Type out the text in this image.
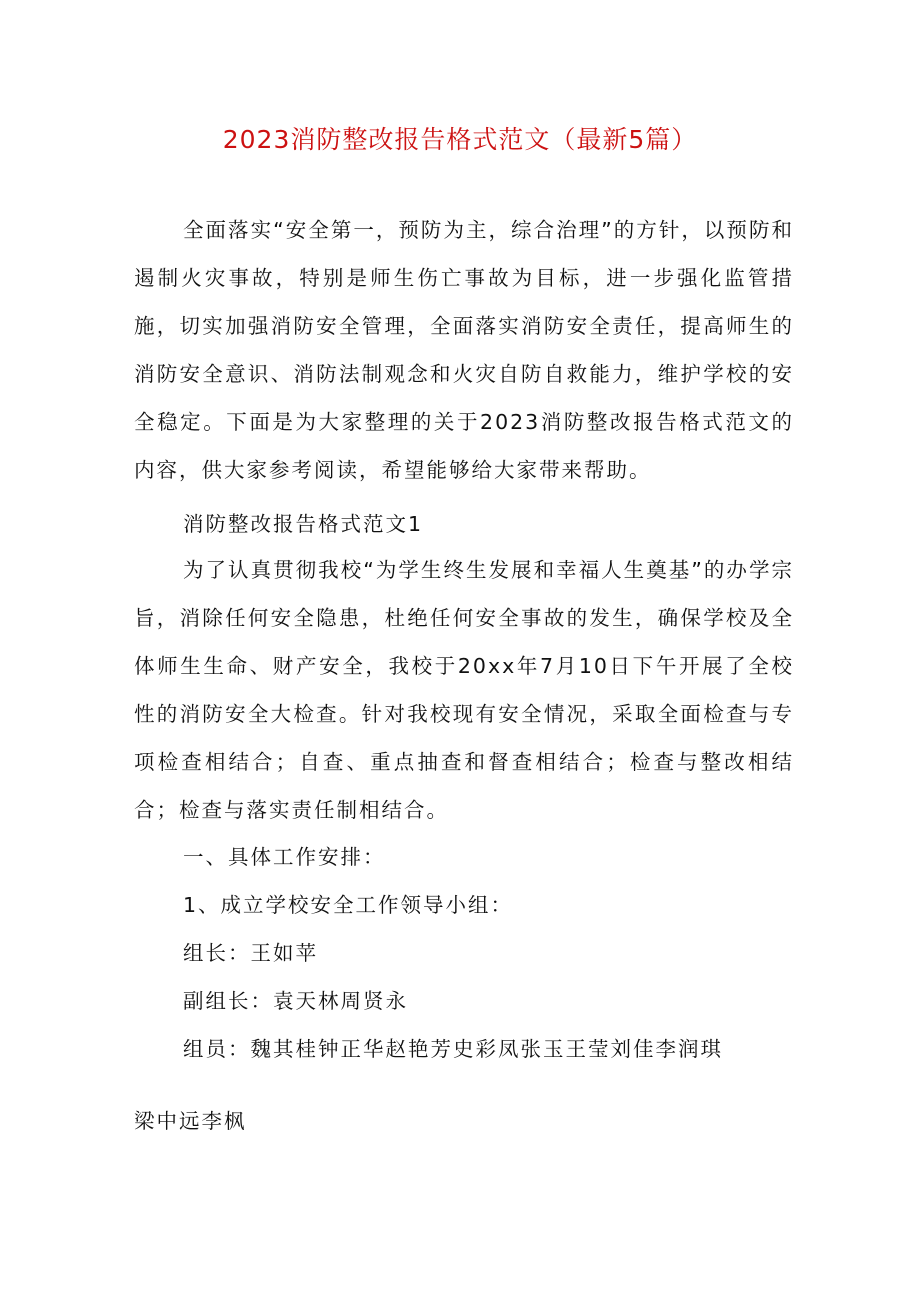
2023消防整改报告格式范文（最新5篇）
全面落实“安全第一，预防为主，综合治理”的方针，以预防和遏制火灾事故，特别是师生伤亡事故为目标，进一步强化监管措施，切实加强消防安全管理，全面落实消防安全责任，提高师生的消防安全意识、消防法制观念和火灾自防自救能力，维护学校的安全稳定。下面是为大家整理的关于2023消防整改报告格式范文的内容，供大家参考阅读，希望能够给大家带来帮助。
消防整改报告格式范文1
为了认真贯彻我校“为学生终生发展和幸福人生奠基”的办学宗旨，消除任何安全隐患，杜绝任何安全事故的发生，确保学校及全体师生生命、财产安全，我校于20xx年7月10日下午开展了全校性的消防安全大检查。针对我校现有安全情况，采取全面检查与专项检查相结合；自查、重点抽查和督查相结合；检查与整改相结合；检查与落实责任制相结合。
一、具体工作安排：
1、成立学校安全工作领导小组：
组长：王如苹
副组长：袁天林周贤永
组员：魏其桂钟正华赵艳芳史彩凤张玉王莹刘佳李润琪
梁中远李枫
